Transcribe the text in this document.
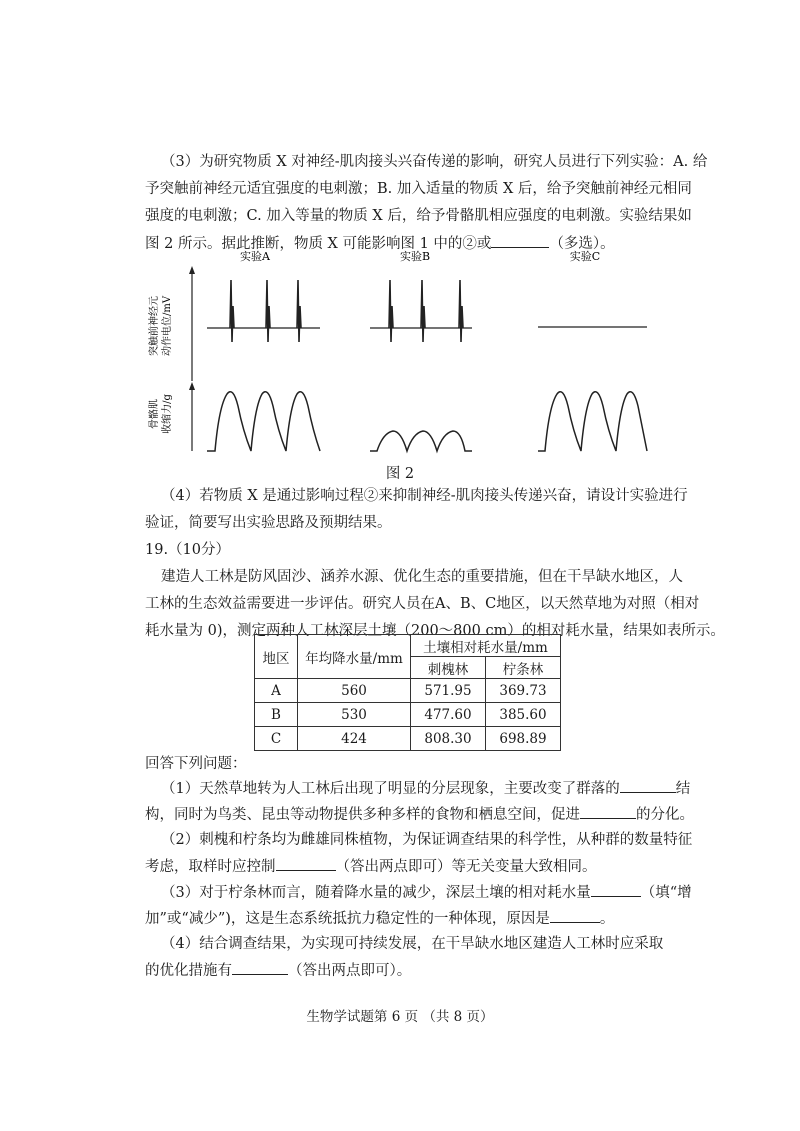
（3）为研究物质 X 对神经-肌肉接头兴奋传递的影响，研究人员进行下列实验：A. 给
予突触前神经元适宜强度的电刺激；B. 加入适量的物质 X 后，给予突触前神经元相同
强度的电刺激；C. 加入等量的物质 X 后，给予骨骼肌相应强度的电刺激。实验结果如
图 2 所示。据此推断，物质 X 可能影响图 1 中的②或	（多选）。
实验A	实验B	实验C
突触前神经元 动作电位/mV
骨骼肌 收缩力/g
图 2
（4）若物质 X 是通过影响过程②来抑制神经-肌肉接头传递兴奋，请设计实验进行
验证，简要写出实验思路及预期结果。
19.（10分）
建造人工林是防风固沙、涵养水源、优化生态的重要措施，但在干旱缺水地区，人
工林的生态效益需要进一步评估。研究人员在A、B、C地区，以天然草地为对照（相对
耗水量为 0)，测定两种人工林深层土壤（200～800 cm）的相对耗水量，结果如表所示。
地区	年均降水量/mm	土壤相对耗水量/mm	
		刺槐林	柠条林
A	560	571.95	369.73
B	530	477.60	385.60
C	424	808.30	698.89
回答下列问题：
（1）天然草地转为人工林后出现了明显的分层现象，主要改变了群落的	结
构，同时为鸟类、昆虫等动物提供多种多样的食物和栖息空间，促进	的分化。
（2）刺槐和柠条均为雌雄同株植物，为保证调查结果的科学性，从种群的数量特征
考虑，取样时应控制	（答出两点即可）等无关变量大致相同。
（3）对于柠条林而言，随着降水量的减少，深层土壤的相对耗水量	（填“增
加”或“减少”)，这是生态系统抵抗力稳定性的一种体现，原因是	。
（4）结合调查结果，为实现可持续发展，在干旱缺水地区建造人工林时应采取
的优化措施有	（答出两点即可）。
生物学试题第 6 页 （共 8 页）
